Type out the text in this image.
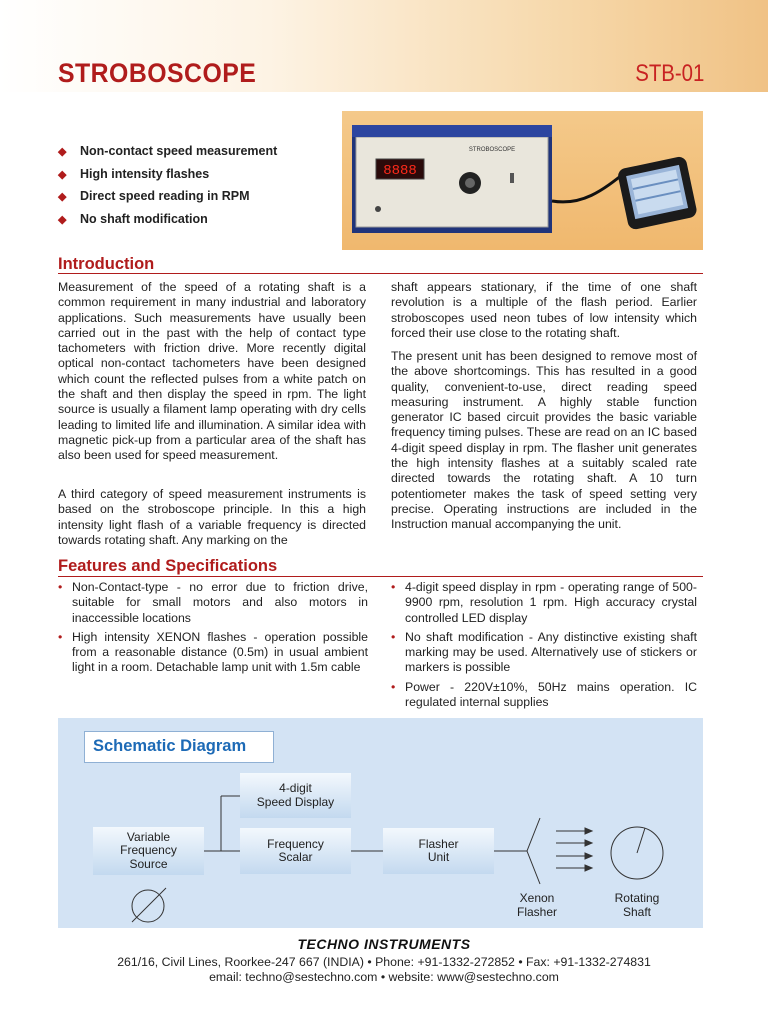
STROBOSCOPE	STB-01
◆ Non-contact speed measurement
◆ High intensity flashes
◆ Direct speed reading in RPM
◆ No shaft modification
8888
STROBOSCOPE
Introduction

Measurement of the speed of a rotating shaft is a common requirement in many industrial and laboratory applications. Such measurements have usually been carried out in the past with the help of contact type tachometers with friction drive. More recently digital optical non-contact tachometers have been designed which count the reflected pulses from a white patch on the shaft and then display the speed in rpm. The light source is usually a filament lamp operating with dry cells leading to limited life and illumination. A similar idea with magnetic pick-up from a particular area of the shaft has also been used for speed measurement.

A third category of speed measurement instruments is based on the stroboscope principle. In this a high intensity light flash of a variable frequency is directed towards rotating shaft. Any marking on the

shaft appears stationary, if the time of one shaft revolution is a multiple of the flash period. Earlier stroboscopes used neon tubes of low intensity which forced their use close to the rotating shaft.

The present unit has been designed to remove most of the above shortcomings. This has resulted in a good quality, convenient-to-use, direct reading speed measuring instrument. A highly stable function generator IC based circuit provides the basic variable frequency timing pulses. These are read on an IC based 4-digit speed display in rpm. The flasher unit generates the high intensity flashes at a suitably scaled rate directed towards the rotating shaft. A 10 turn potentiometer makes the task of speed setting very precise. Operating instructions are included in the Instruction manual accompanying the unit.

Features and Specifications
• Non-Contact-type - no error due to friction drive, suitable for small motors and also motors in inaccessible locations
• High intensity XENON flashes - operation possible from a reasonable distance (0.5m) in usual ambient light in a room. Detachable lamp unit with 1.5m cable
• 4-digit speed display in rpm - operating range of 500-9900 rpm, resolution 1 rpm. High accuracy crystal controlled LED display
• No shaft modification - Any distinctive existing shaft marking may be used. Alternatively use of stickers or markers is possible
• Power - 220V±10%, 50Hz mains operation. IC regulated internal supplies
Schematic Diagram
4-digit
Speed Display
Variable
Frequency
Source
Frequency
Scalar
Flasher
Unit
Xenon
Flasher
Rotating
Shaft
TECHNO INSTRUMENTS
261/16, Civil Lines, Roorkee-247 667 (INDIA) • Phone: +91-1332-272852 • Fax: +91-1332-274831
email: techno@sestechno.com • website: www@sestechno.com
